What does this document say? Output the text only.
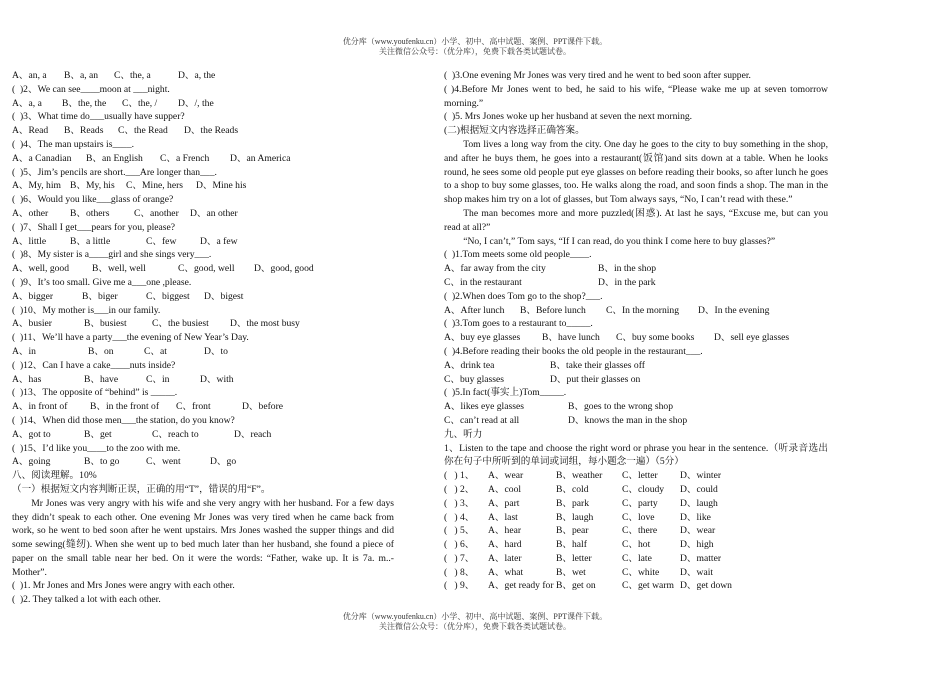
优分库（www.youfenku.cn）小学、初中、高中试题、案例、PPT课件下载。
关注微信公众号：（优分库），免费下载各类试题试卷。
A、an, a	B、a, an	C、the, a	D、a, the
(  )2、We can see____moon at ___night.
A、a, a	B、the, the	C、the, /	D、/, the
(  )3、What time do___usually have supper?
A、Read	B、Reads	C、the Read	D、the Reads
(  )4、The man upstairs is____.
A、a Canadian	B、an English	C、a French	D、an America
(  )5、Jim’s pencils are short.___Are longer than___.
A、My, him B、My, his	C、Mine, hers	D、Mine his
(  )6、Would you like___glass of orange?
A、other	B、others	C、another	D、an other
(  )7、Shall I get___pears for you, please?
A、little	B、a little	C、few	D、a few
(  )8、My sister is a____girl and she sings very___.
A、well, good	B、well, well	C、good, well	D、good, good
(  )9、It’s too small. Give me a___one ,please.
A、bigger	B、biger	C、biggest	D、bigest
(  )10、My mother is___in our family.
A、busier	B、busiest	C、the busiest	D、the most busy
(  )11、We’ll have a party___the evening of New Year’s Day.
A、in	B、on	C、at	D、to
(  )12、Can I have a cake____nuts inside?
A、has	B、have	C、in	D、with
(  )13、The opposite of “behind” is _____.
A、in front of	B、in the front of	C、front	D、before
(  )14、When did those men___the station, do you know?
A、got to	B、get	C、reach to	D、reach
(  )15、I’d like you____to the zoo with me.
A、going	B、to go	C、went	D、go
八、阅读理解。10%
（一）根据短文内容判断正误，正确的用“T”，错误的用“F”。
Mr Jones was very angry with his wife and she very angry with her husband. For a few days they didn’t speak to each other. One evening Mr Jones was very tired when he came back from work, so he went to bed soon after he went upstairs. Mrs Jones washed the supper things and did some sewing(缝纫). When she went up to bed much later than her husband, she found a piece of paper on the small table near her bed. On it were the words: “Father, wake up. It is 7a. m..-Mother”.
(  )1. Mr Jones and Mrs Jones were angry with each other.
(  )2. They talked a lot with each other.
(  )3.One evening Mr Jones was very tired and he went to bed soon after supper.
( )4.Before Mr Jones went to bed, he said to his wife, “Please wake me up at seven tomorrow morning.”
(  )5. Mrs Jones woke up her husband at seven the next morning.
(二)根据短文内容选择正确答案。
Tom lives a long way from the city. One day he goes to the city to buy something in the shop, and after he buys them, he goes into a restaurant(饭馆)and sits down at a table. When he looks round, he sees some old people put eye glasses on before reading their books, so after lunch he goes to a shop to buy some glasses, too. He walks along the road, and soon finds a shop. The man in the shop makes him try on a lot of glasses, but Tom always says, “No, I can’t read with these.”
The man becomes more and more puzzled(困惑). At last he says, “Excuse me, but can you read at all?”
“No, I can’t,” Tom says, “If I can read, do you think I come here to buy glasses?”
(  )1.Tom meets some old people____.
A、far away from the city	B、in the shop
C、in the restaurant	D、in the park
(  )2.When does Tom go to the shop?___.
A、After lunch	B、Before lunch	C、In the morning	D、In the evening
(  )3.Tom goes to a restaurant to_____.
A、buy eye glasses	B、have lunch	C、buy some books	D、sell eye glasses
(  )4.Before reading their books the old people in the restaurant___.
A、drink tea	B、take their glasses off
C、buy glasses	D、put their glasses on
(  )5.In fact(事实上)Tom_____.
A、likes eye glasses	B、goes to the wrong shop
C、can’t read at all	D、knows the man in the shop
九、听力
1、Listen to the tape and choose the right word or phrase you hear in the sentence.（听录音选出你在句子中所听到的单词或词组，每小题念一遍）（5分）
(   ) 1、	A、wear	B、weather	C、letter	D、winter
(   ) 2、	A、cool	B、cold	C、cloudy	D、could
(   ) 3、	A、part	B、park	C、party	D、laugh
(   ) 4、	A、last	B、laugh	C、love	D、like
(   ) 5、	A、hear	B、pear	C、there	D、wear
(   ) 6、	A、hard	B、half	C、hot	D、high
(   ) 7、	A、later	B、letter	C、late	D、matter
(   ) 8、	A、what	B、wet	C、white	D、wait
(   ) 9、	A、get ready for B、get on	C、get warm D、get down
优分库（www.youfenku.cn）小学、初中、高中试题、案例、PPT课件下载。
关注微信公众号：（优分库），免费下载各类试题试卷。
